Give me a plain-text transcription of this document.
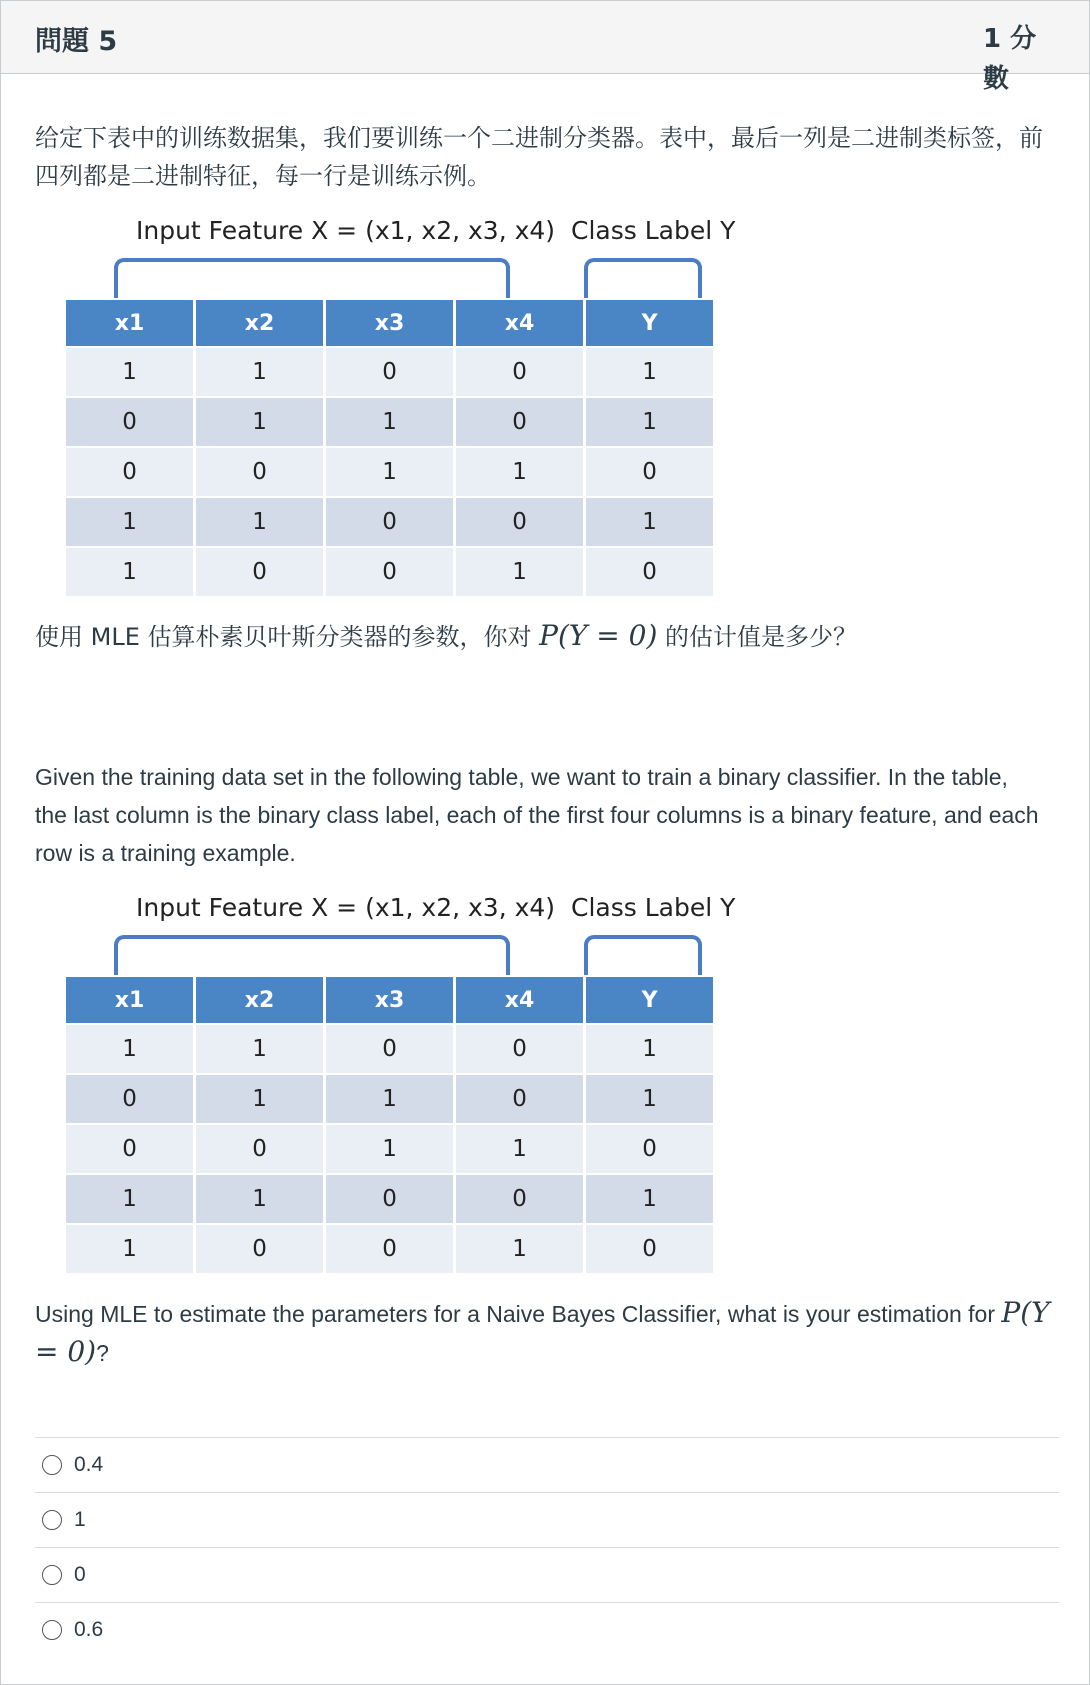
問題 5	1 分數
给定下表中的训练数据集，我们要训练一个二进制分类器。表中，最后一列是二进制类标签，前四列都是二进制特征，每一行是训练示例。
Input Feature X = (x1, x2, x3, x4) Class Label Y
x1	x2	x3	x4	Y
1	1	0	0	1
0	1	1	0	1
0	0	1	1	0
1	1	0	0	1
1	0	0	1	0
使用 MLE 估算朴素贝叶斯分类器的参数，你对 P(Y = 0) 的估计值是多少？
Given the training data set in the following table, we want to train a binary classifier. In the table, the last column is the binary class label, each of the first four columns is a binary feature, and each row is a training example.
Input Feature X = (x1, x2, x3, x4) Class Label Y
x1	x2	x3	x4	Y
1	1	0	0	1
0	1	1	0	1
0	0	1	1	0
1	1	0	0	1
1	0	0	1	0
Using MLE to estimate the parameters for a Naive Bayes Classifier, what is your estimation for P(Y = 0)?
0.4
1
0
0.6
